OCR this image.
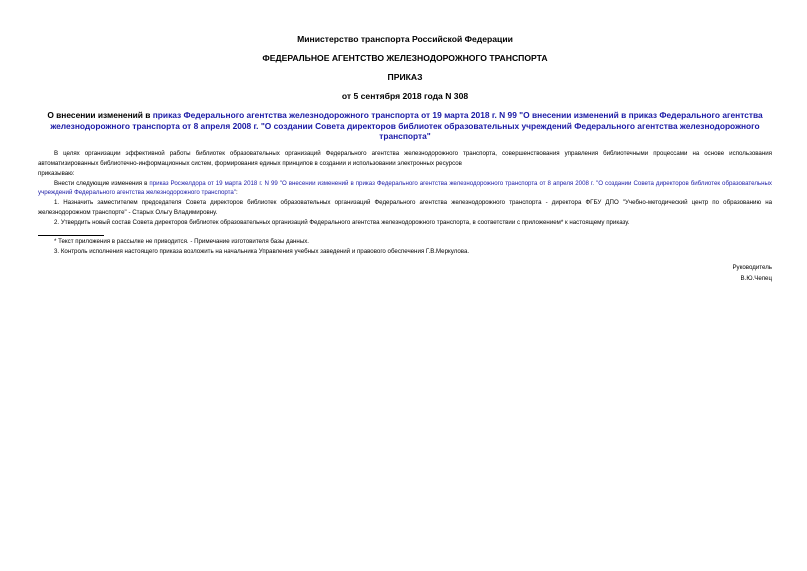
Министерство транспорта Российской Федерации

ФЕДЕРАЛЬНОЕ АГЕНТСТВО ЖЕЛЕЗНОДОРОЖНОГО ТРАНСПОРТА

ПРИКАЗ

от 5 сентября 2018 года N 308

О внесении изменений в приказ Федерального агентства железнодорожного транспорта от 19 марта 2018 г. N 99 "О внесении изменений в приказ Федерального агентства железнодорожного транспорта от 8 апреля 2008 г. "О создании Совета директоров библиотек образовательных учреждений Федерального агентства железнодорожного транспорта"

В целях организации эффективной работы библиотек образовательных организаций Федерального агентства железнодорожного транспорта, совершенствования управления библиотечными процессами на основе использования автоматизированных библиотечно-информационных систем, формирования единых принципов в создании и использовании электронных ресурсов

приказываю:

Внести следующие изменения в приказ Росжелдора от 19 марта 2018 г. N 99 "О внесении изменений в приказ Федерального агентства железнодорожного транспорта от 8 апреля 2008 г. "О создании Совета директоров библиотек образовательных учреждений Федерального агентства железнодорожного транспорта":

1. Назначить заместителем председателя Совета директоров библиотек образовательных организаций Федерального агентства железнодорожного транспорта - директора ФГБУ ДПО "Учебно-методический центр по образованию на железнодорожном транспорте" - Старых Ольгу Владимировну.

2. Утвердить новый состав Совета директоров библиотек образовательных организаций Федерального агентства железнодорожного транспорта, в соответствии с приложением* к настоящему приказу.

* Текст приложения в рассылке не приводится. - Примечание изготовителя базы данных.

3. Контроль исполнения настоящего приказа возложить на начальника Управления учебных заведений и правового обеспечения Г.В.Меркулова.

Руководитель

В.Ю.Чепец
